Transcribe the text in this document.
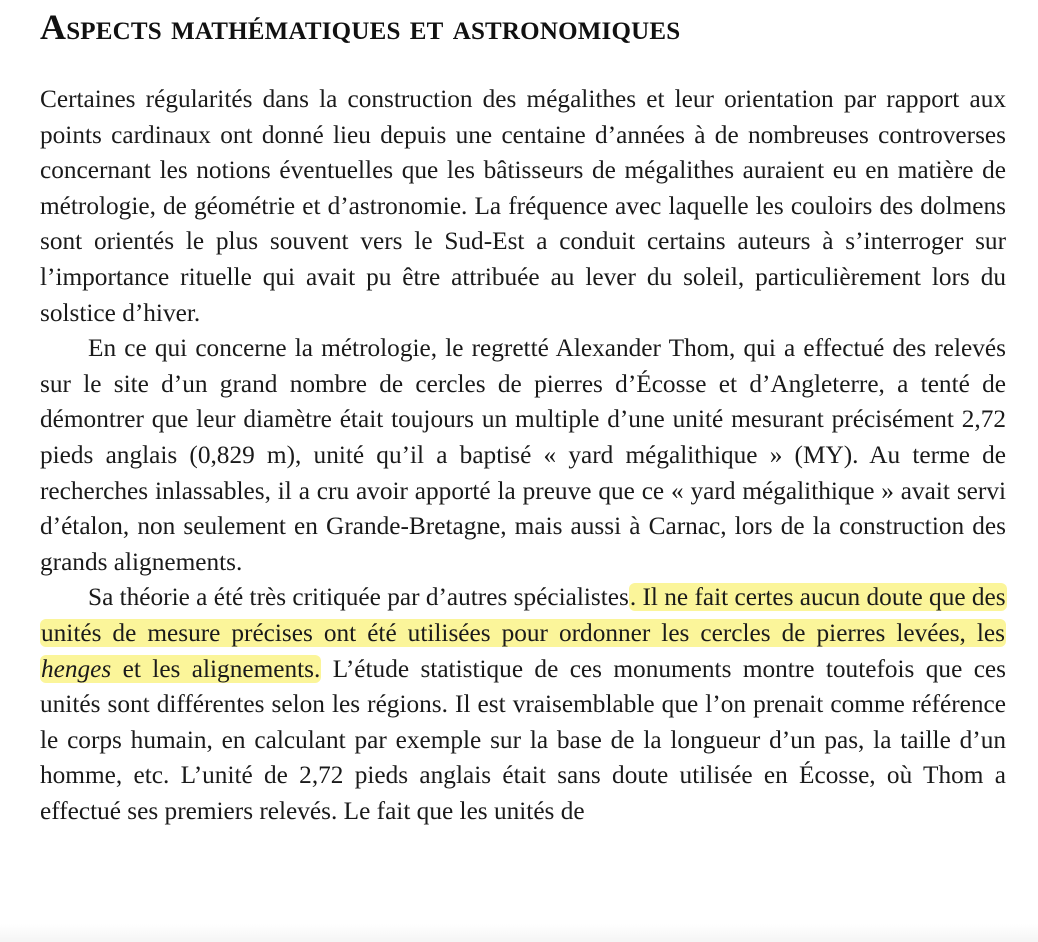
Aspects mathématiques et astronomiques

Certaines régularités dans la construction des mégalithes et leur orientation par rapport aux points cardinaux ont donné lieu depuis une centaine d’années à de nombreuses controverses concernant les notions éventuelles que les bâtisseurs de mégalithes auraient eu en matière de métrologie, de géométrie et d’astronomie. La fréquence avec laquelle les couloirs des dolmens sont orientés le plus souvent vers le Sud-Est a conduit certains auteurs à s’interroger sur l’importance rituelle qui avait pu être attribuée au lever du soleil, particulièrement lors du solstice d’hiver.

En ce qui concerne la métrologie, le regretté Alexander Thom, qui a effectué des relevés sur le site d’un grand nombre de cercles de pierres d’Écosse et d’Angleterre, a tenté de démontrer que leur diamètre était toujours un multiple d’une unité mesurant précisément 2,72 pieds anglais (0,829 m), unité qu’il a baptisé « yard mégalithique » (MY). Au terme de recherches inlassables, il a cru avoir apporté la preuve que ce « yard mégalithique » avait servi d’étalon, non seulement en Grande-Bretagne, mais aussi à Carnac, lors de la construction des grands alignements.

Sa théorie a été très critiquée par d’autres spécialistes. Il ne fait certes aucun doute que des unités de mesure précises ont été utilisées pour ordonner les cercles de pierres levées, les henges et les alignements. L’étude statistique de ces monuments montre toutefois que ces unités sont différentes selon les régions. Il est vraisemblable que l’on prenait comme référence le corps humain, en calculant par exemple sur la base de la longueur d’un pas, la taille d’un homme, etc. L’unité de 2,72 pieds anglais était sans doute utilisée en Écosse, où Thom a effectué ses premiers relevés. Le fait que les unités de
